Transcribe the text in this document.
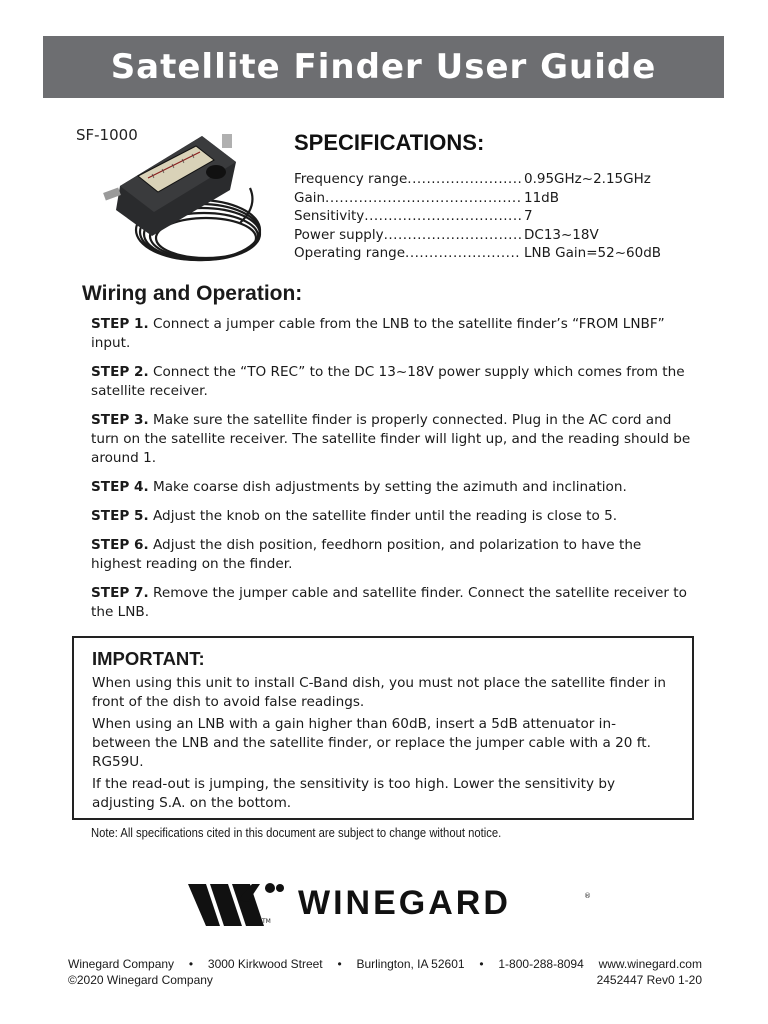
Satellite Finder User Guide
SF-1000	SPECIFICATIONS:
Frequency range .....	0.95GHz~2.15GHz
Gain .....	11dB
Sensitivity .....	7
Power supply .....	DC13~18V
Operating range .....	LNB Gain=52~60dB
Wiring and Operation:

STEP 1. Connect a jumper cable from the LNB to the satellite finder’s “FROM LNBF” input.

STEP 2. Connect the “TO REC” to the DC 13~18V power supply which comes from the satellite receiver.

STEP 3. Make sure the satellite finder is properly connected. Plug in the AC cord and turn on the satellite receiver. The satellite finder will light up, and the reading should be around 1.

STEP 4. Make coarse dish adjustments by setting the azimuth and inclination.

STEP 5. Adjust the knob on the satellite finder until the reading is close to 5.

STEP 6. Adjust the dish position, feedhorn position, and polarization to have the highest reading on the finder.

STEP 7. Remove the jumper cable and satellite finder. Connect the satellite receiver to the LNB.

IMPORTANT:

When using this unit to install C-Band dish, you must not place the satellite finder in front of the dish to avoid false readings.

When using an LNB with a gain higher than 60dB, insert a 5dB attenuator in-between the LNB and the satellite finder, or replace the jumper cable with a 20 ft. RG59U.

If the read-out is jumping, the sensitivity is too high. Lower the sensitivity by adjusting S.A. on the bottom.

Note: All specifications cited in this document are subject to change without notice.
WINEGARD	®
TM
Winegard Company • 3000 Kirkwood Street • Burlington, IA 52601 • 1-800-288-8094 www.winegard.com
©2020 Winegard Company	2452447 Rev0 1-20
